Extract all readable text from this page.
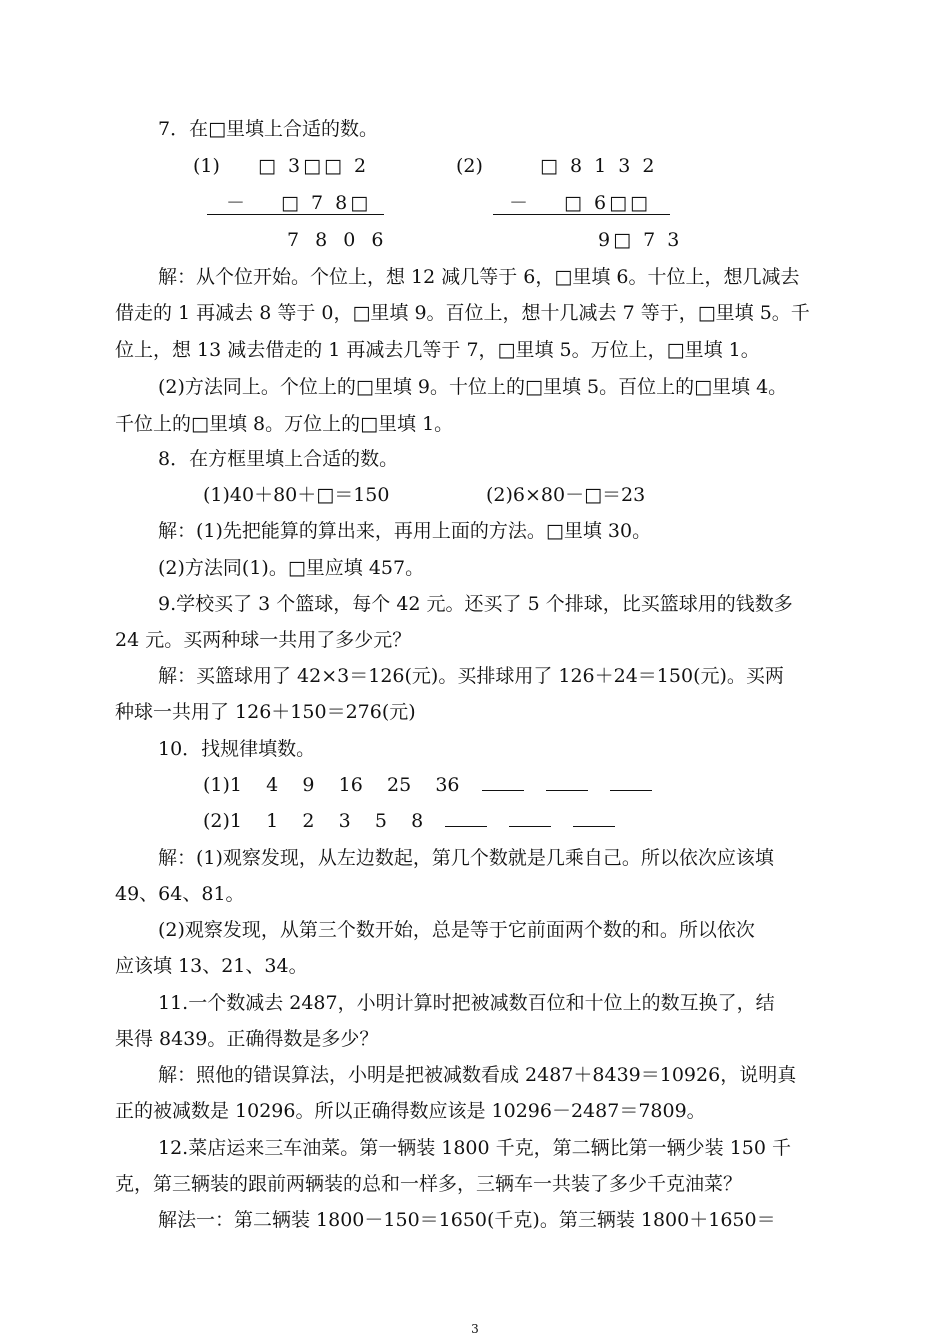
7．在□里填上合适的数。
(1) □ 3□□ 2
－ □ 7 8□
7 8 0 6
(2)	□ 8 1 3 2
－ □ 6□□
9□ 7 3
解：从个位开始。个位上，想 12 减几等于 6，□里填 6。十位上，想几减去
借走的 1 再减去 8 等于 0，□里填 9。百位上，想十几减去 7 等于，□里填 5。千
位上，想 13 减去借走的 1 再减去几等于 7，□里填 5。万位上，□里填 1。
(2)方法同上。个位上的□里填 9。十位上的□里填 5。百位上的□里填 4。
千位上的□里填 8。万位上的□里填 1。
8．在方框里填上合适的数。
(1)40＋80＋□＝150	(2)6×80－□＝23
解：(1)先把能算的算出来，再用上面的方法。□里填 30。
(2)方法同(1)。□里应填 457。
9.学校买了 3 个篮球，每个 42 元。还买了 5 个排球，比买篮球用的钱数多
24 元。买两种球一共用了多少元？
解：买篮球用了 42×3＝126(元)。买排球用了 126＋24＝150(元)。买两
种球一共用了 126＋150＝276(元)
10．找规律填数。
(1)1    4    9    16    25    36
(2)1    1    2    3    5    8
解：(1)观察发现，从左边数起，第几个数就是几乘自己。所以依次应该填
49、64、81。
(2)观察发现，从第三个数开始，总是等于它前面两个数的和。所以依次
应该填 13、21、34。
11.一个数减去 2487，小明计算时把被减数百位和十位上的数互换了，结
果得 8439。正确得数是多少？
解：照他的错误算法，小明是把被减数看成 2487＋8439＝10926，说明真
正的被减数是 10296。所以正确得数应该是 10296－2487＝7809。
12.菜店运来三车油菜。第一辆装 1800 千克，第二辆比第一辆少装 150 千
克，第三辆装的跟前两辆装的总和一样多，三辆车一共装了多少千克油菜？
解法一：第二辆装 1800－150＝1650(千克)。第三辆装 1800＋1650＝
3
